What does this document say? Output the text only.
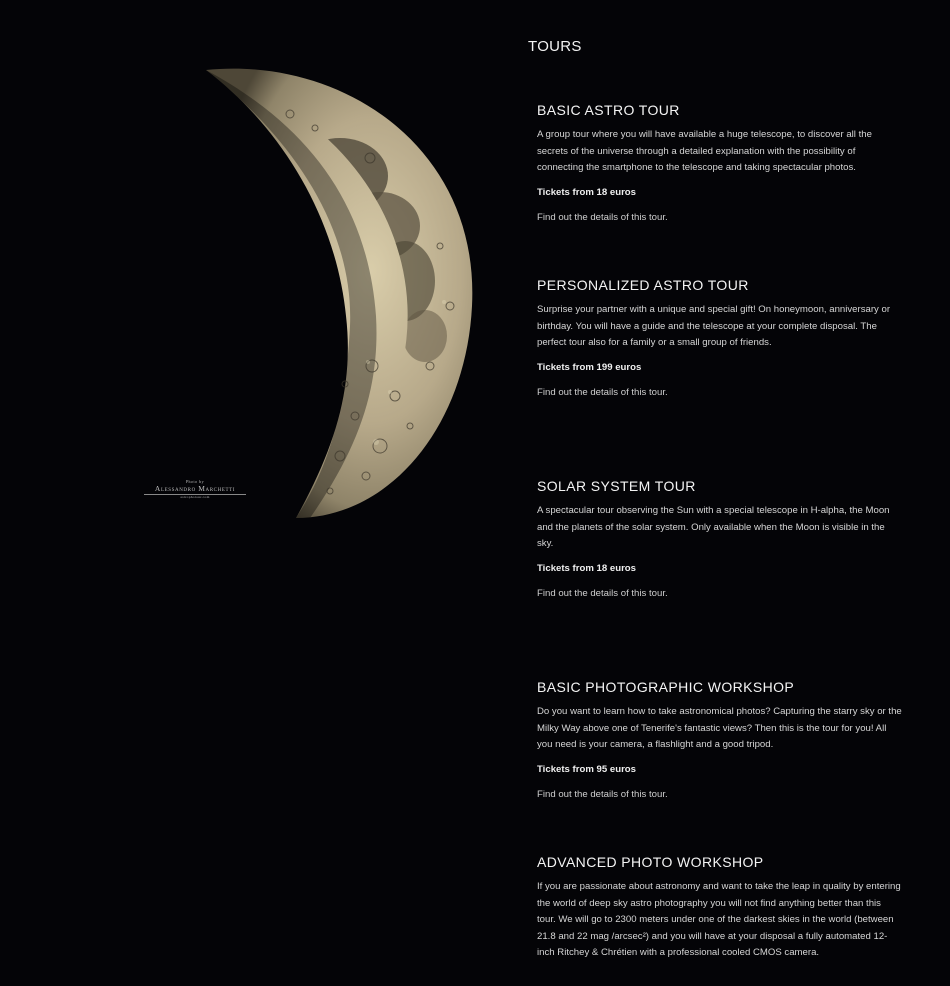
Photo by
Alessandro Marchetti
astrophotour.com
TOURS
BASIC ASTRO TOUR

A group tour where you will have available a huge telescope, to discover all the secrets of the universe through a detailed explanation with the possibility of connecting the smartphone to the telescope and taking spectacular photos.

Tickets from 18 euros

Find out the details of this tour.
PERSONALIZED ASTRO TOUR

Surprise your partner with a unique and special gift! On honeymoon, anniversary or birthday. You will have a guide and the telescope at your complete disposal. The perfect tour also for a family or a small group of friends.

Tickets from 199 euros

Find out the details of this tour.
SOLAR SYSTEM TOUR

A spectacular tour observing the Sun with a special telescope in H-alpha, the Moon and the planets of the solar system. Only available when the Moon is visible in the sky.

Tickets from 18 euros

Find out the details of this tour.
BASIC PHOTOGRAPHIC WORKSHOP

Do you want to learn how to take astronomical photos? Capturing the starry sky or the Milky Way above one of Tenerife's fantastic views? Then this is the tour for you! All you need is your camera, a flashlight and a good tripod.

Tickets from 95 euros

Find out the details of this tour.
ADVANCED PHOTO WORKSHOP

If you are passionate about astronomy and want to take the leap in quality by entering the world of deep sky astro photography you will not find anything better than this tour. We will go to 2300 meters under one of the darkest skies in the world (between 21.8 and 22 mag /arcsec²) and you will have at your disposal a fully automated 12-inch Ritchey & Chrétien with a professional cooled CMOS camera.
